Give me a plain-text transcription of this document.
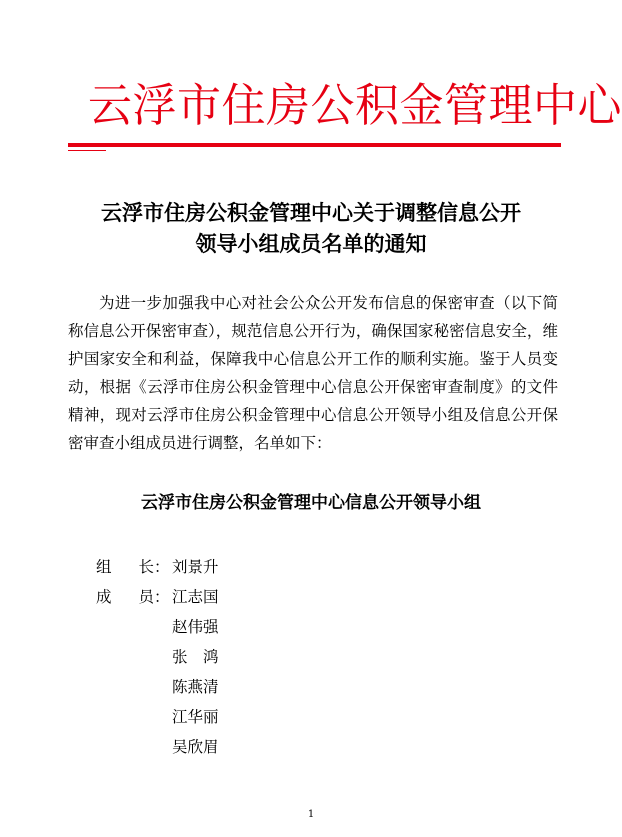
云浮市住房公积金管理中心
云浮市住房公积金管理中心关于调整信息公开
领导小组成员名单的通知
为进一步加强我中心对社会公众公开发布信息的保密审查（以下简称信息公开保密审查），规范信息公开行为，确保国家秘密信息安全，维护国家安全和利益，保障我中心信息公开工作的顺利实施。鉴于人员变动，根据《云浮市住房公积金管理中心信息公开保密审查制度》的文件精神，现对云浮市住房公积金管理中心信息公开领导小组及信息公开保密审查小组成员进行调整，名单如下：
云浮市住房公积金管理中心信息公开领导小组
组长 ： 刘景升
成员 ： 江志国
赵伟强
张　鸿
陈燕清
江华丽
吴欣眉
1
